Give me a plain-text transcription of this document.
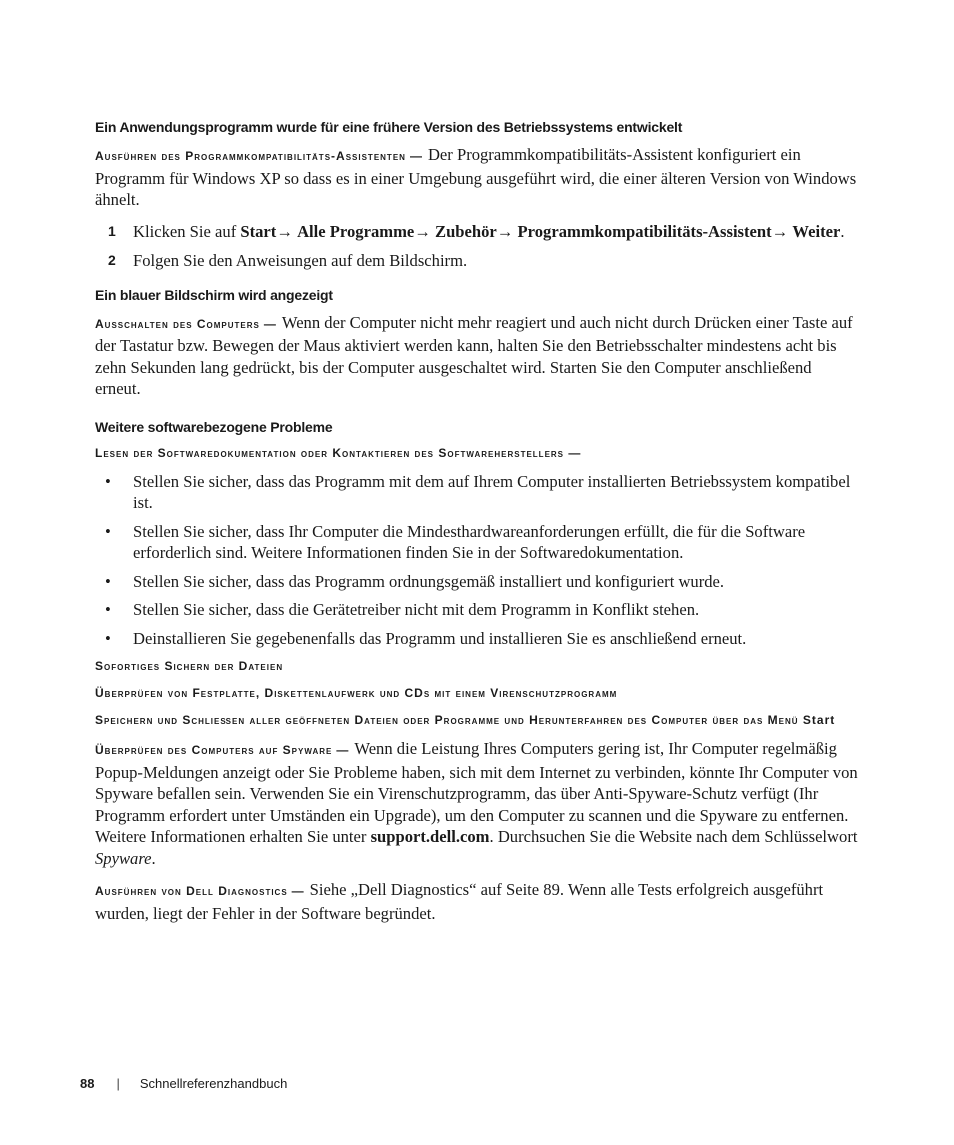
Ein Anwendungsprogramm wurde für eine frühere Version des Betriebssystems entwickelt

Ausführen des Programmkompatibilitäts-Assistenten — Der Programmkompatibilitäts-Assistent konfiguriert ein Programm für Windows XP so dass es in einer Umgebung ausgeführt wird, die einer älteren Version von Windows ähnelt.

1 Klicken Sie auf Start→ Alle Programme→ Zubehör→ Programmkompatibilitäts-Assistent→ Weiter.
2 Folgen Sie den Anweisungen auf dem Bildschirm.
Ein blauer Bildschirm wird angezeigt

Ausschalten des Computers — Wenn der Computer nicht mehr reagiert und auch nicht durch Drücken einer Taste auf der Tastatur bzw. Bewegen der Maus aktiviert werden kann, halten Sie den Betriebsschalter mindestens acht bis zehn Sekunden lang gedrückt, bis der Computer ausgeschaltet wird. Starten Sie den Computer anschließend erneut.

Weitere softwarebezogene Probleme
Lesen der Softwaredokumentation oder Kontaktieren des Softwareherstellers —
• Stellen Sie sicher, dass das Programm mit dem auf Ihrem Computer installierten Betriebssystem kompatibel ist.
• Stellen Sie sicher, dass Ihr Computer die Mindesthardwareanforderungen erfüllt, die für die Software erforderlich sind. Weitere Informationen finden Sie in der Softwaredokumentation.
• Stellen Sie sicher, dass das Programm ordnungsgemäß installiert und konfiguriert wurde.
• Stellen Sie sicher, dass die Gerätetreiber nicht mit dem Programm in Konflikt stehen.
• Deinstallieren Sie gegebenenfalls das Programm und installieren Sie es anschließend erneut.
Sofortiges Sichern der Dateien
Überprüfen von Festplatte, Diskettenlaufwerk und CDs mit einem Virenschutzprogramm
Speichern und Schließen aller geöffneten Dateien oder Programme und Herunterfahren des Computer über das Menü Start

Überprüfen des Computers auf Spyware — Wenn die Leistung Ihres Computers gering ist, Ihr Computer regelmäßig Popup-Meldungen anzeigt oder Sie Probleme haben, sich mit dem Internet zu verbinden, könnte Ihr Computer von Spyware befallen sein. Verwenden Sie ein Virenschutzprogramm, das über Anti-Spyware-Schutz verfügt (Ihr Programm erfordert unter Umständen ein Upgrade), um den Computer zu scannen und die Spyware zu entfernen. Weitere Informationen erhalten Sie unter support.dell.com. Durchsuchen Sie die Website nach dem Schlüsselwort Spyware.

Ausführen von Dell Diagnostics — Siehe „Dell Diagnostics“ auf Seite 89. Wenn alle Tests erfolgreich ausgeführt wurden, liegt der Fehler in der Software begründet.

88 | Schnellreferenzhandbuch
